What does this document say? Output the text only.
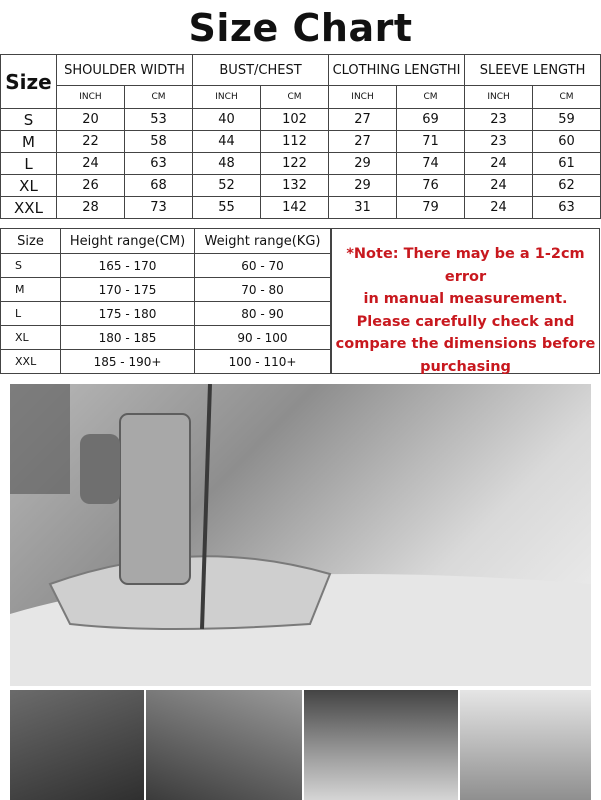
Size Chart
Size	SHOULDER WIDTH		BUST/CHEST		CLOTHING LENGTHI		SLEEVE LENGTH	
	INCH	CM	INCH	CM	INCH	CM	INCH	CM
S	20	53	40	102	27	69	23	59
M	22	58	44	112	27	71	23	60
L	24	63	48	122	29	74	24	61
XL	26	68	52	132	29	76	24	62
XXL	28	73	55	142	31	79	24	63
Size	Height range(CM)	Weight range(KG)
S	165 - 170	60 - 70
M	170 - 175	70 - 80
L	175 - 180	80 - 90
XL	180 - 185	90 - 100
XXL	185 - 190+	100 - 110+
*Note: There may be a 1-2cm error
in manual measurement.
Please carefully check and
compare the dimensions before
purchasing
